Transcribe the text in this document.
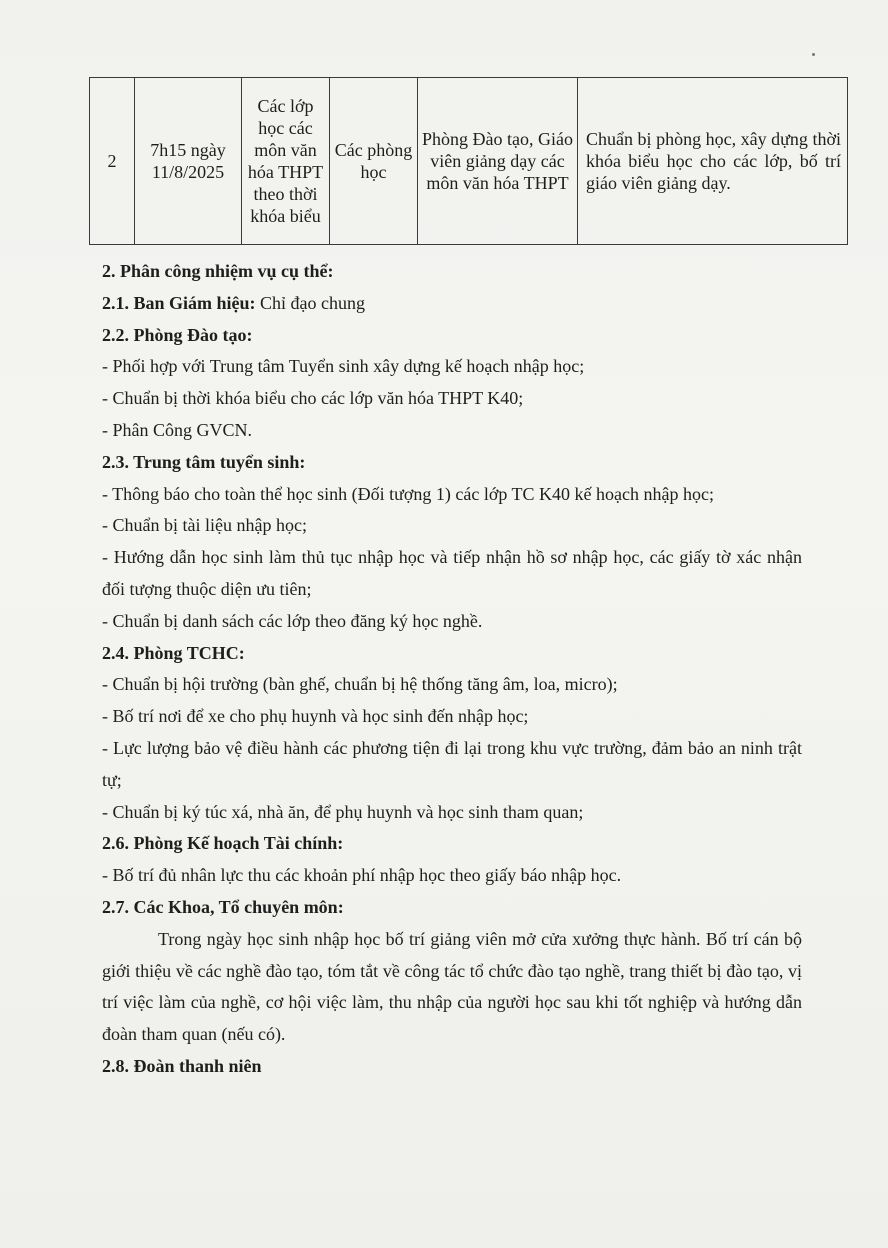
2	7h15 ngày 11/8/2025	Các lớp học các môn văn hóa THPT theo thời khóa biểu	Các phòng học	Phòng Đào tạo, Giáo viên giảng dạy các môn văn hóa THPT	Chuẩn bị phòng học, xây dựng thời khóa biểu học cho các lớp, bố trí giáo viên giảng dạy.
2. Phân công nhiệm vụ cụ thể:
2.1. Ban Giám hiệu: Chỉ đạo chung
2.2. Phòng Đào tạo:
- Phối hợp với Trung tâm Tuyển sinh xây dựng kế hoạch nhập học;
- Chuẩn bị thời khóa biểu cho các lớp văn hóa THPT K40;
- Phân Công GVCN.
2.3. Trung tâm tuyển sinh:

- Thông báo cho toàn thể học sinh (Đối tượng 1) các lớp TC K40 kế hoạch nhập học;

- Chuẩn bị tài liệu nhập học;

- Hướng dẫn học sinh làm thủ tục nhập học và tiếp nhận hồ sơ nhập học, các giấy tờ xác nhận đối tượng thuộc diện ưu tiên;

- Chuẩn bị danh sách các lớp theo đăng ký học nghề.
2.4. Phòng TCHC:
- Chuẩn bị hội trường (bàn ghế, chuẩn bị hệ thống tăng âm, loa, micro);
- Bố trí nơi để xe cho phụ huynh và học sinh đến nhập học;

- Lực lượng bảo vệ điều hành các phương tiện đi lại trong khu vực trường, đảm bảo an ninh trật tự;

- Chuẩn bị ký túc xá, nhà ăn, để phụ huynh và học sinh tham quan;
2.6. Phòng Kế hoạch Tài chính:
- Bố trí đủ nhân lực thu các khoản phí nhập học theo giấy báo nhập học.
2.7. Các Khoa, Tổ chuyên môn:

Trong ngày học sinh nhập học bố trí giảng viên mở cửa xưởng thực hành. Bố trí cán bộ giới thiệu về các nghề đào tạo, tóm tắt về công tác tổ chức đào tạo nghề, trang thiết bị đào tạo, vị trí việc làm của nghề, cơ hội việc làm, thu nhập của người học sau khi tốt nghiệp và hướng dẫn đoàn tham quan (nếu có).

2.8. Đoàn thanh niên
